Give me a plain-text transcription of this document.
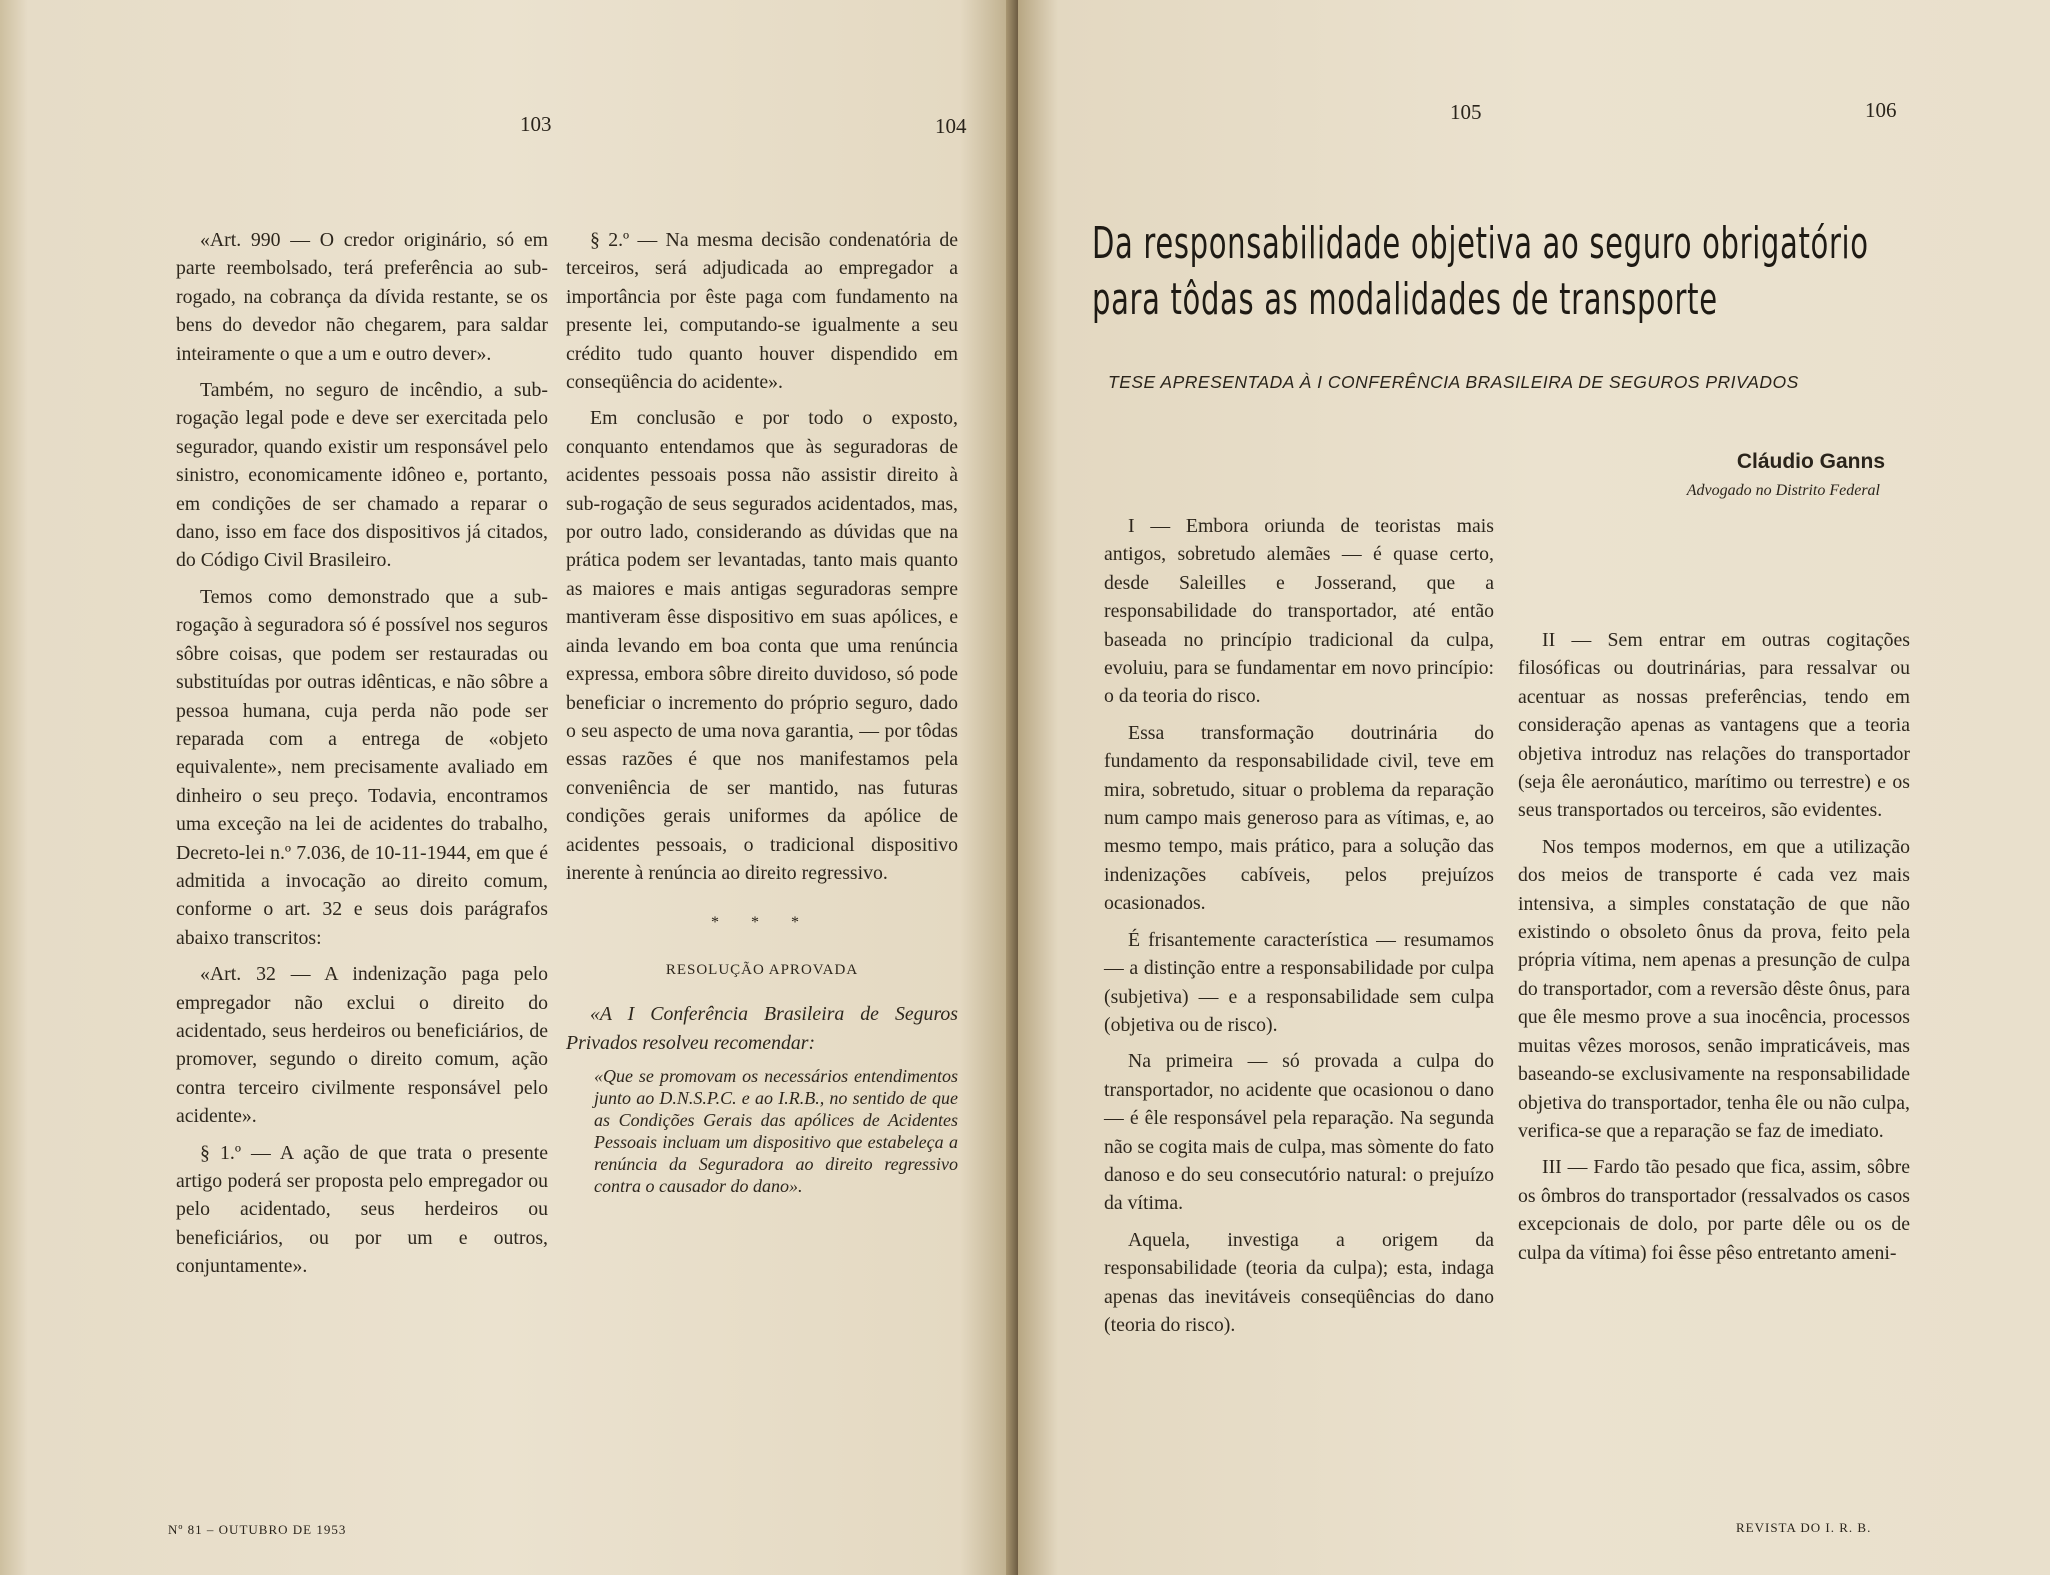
103	104

«Art. 990 — O credor originário, só em parte reembolsado, terá preferência ao sub-rogado, na cobrança da dívida restante, se os bens do devedor não chegarem, para saldar inteiramente o que a um e outro dever».

Também, no seguro de incêndio, a sub-rogação legal pode e deve ser exercitada pelo segurador, quando existir um responsável pelo sinistro, economicamente idôneo e, portanto, em condições de ser chamado a reparar o dano, isso em face dos dispositivos já citados, do Código Civil Brasileiro.

Temos como demonstrado que a sub-rogação à seguradora só é possível nos seguros sôbre coisas, que podem ser restauradas ou substituídas por outras idênticas, e não sôbre a pessoa humana, cuja perda não pode ser reparada com a entrega de «objeto equivalente», nem precisamente avaliado em dinheiro o seu preço. Todavia, encontramos uma exceção na lei de acidentes do trabalho, Decreto-lei n.º 7.036, de 10-11-1944, em que é admitida a invocação ao direito comum, conforme o art. 32 e seus dois parágrafos abaixo transcritos:

«Art. 32 — A indenização paga pelo empregador não exclui o direito do acidentado, seus herdeiros ou beneficiários, de promover, segundo o direito comum, ação contra terceiro civilmente responsável pelo acidente».

§ 1.º — A ação de que trata o presente artigo poderá ser proposta pelo empregador ou pelo acidentado, seus herdeiros ou beneficiários, ou por um e outros, conjuntamente».

§ 2.º — Na mesma decisão condenatória de terceiros, será adjudicada ao empregador a importância por êste paga com fundamento na presente lei, computando-se igualmente a seu crédito tudo quanto houver dispendido em conseqüência do acidente».

Em conclusão e por todo o exposto, conquanto entendamos que às seguradoras de acidentes pessoais possa não assistir direito à sub-rogação de seus segurados acidentados, mas, por outro lado, considerando as dúvidas que na prática podem ser levantadas, tanto mais quanto as maiores e mais antigas seguradoras sempre mantiveram êsse dispositivo em suas apólices, e ainda levando em boa conta que uma renúncia expressa, embora sôbre direito duvidoso, só pode beneficiar o incremento do próprio seguro, dado o seu aspecto de uma nova garantia, — por tôdas essas razões é que nos manifestamos pela conveniência de ser mantido, nas futuras condições gerais uniformes da apólice de acidentes pessoais, o tradicional dispositivo inerente à renúncia ao direito regressivo.

* * *
RESOLUÇÃO APROVADA

«A I Conferência Brasileira de Seguros Privados resolveu recomendar:

«Que se promovam os necessários entendimentos junto ao D.N.S.P.C. e ao I.R.B., no sentido de que as Condições Gerais das apólices de Acidentes Pessoais incluam um dispositivo que estabeleça a renúncia da Seguradora ao direito regressivo contra o causador do dano».

Nº 81 – OUTUBRO DE 1953
105	106
Da responsabilidade objetiva ao seguro obrigatório
para tôdas as modalidades de transporte
TESE APRESENTADA À I CONFERÊNCIA BRASILEIRA DE SEGUROS PRIVADOS
Cláudio Ganns
Advogado no Distrito Federal

I — Embora oriunda de teoristas mais antigos, sobretudo alemães — é quase certo, desde Saleilles e Josserand, que a responsabilidade do transportador, até então baseada no princípio tradicional da culpa, evoluiu, para se fundamentar em novo princípio: o da teoria do risco.

Essa transformação doutrinária do fundamento da responsabilidade civil, teve em mira, sobretudo, situar o problema da reparação num campo mais generoso para as vítimas, e, ao mesmo tempo, mais prático, para a solução das indenizações cabíveis, pelos prejuízos ocasionados.

É frisantemente característica — resumamos — a distinção entre a responsabilidade por culpa (subjetiva) — e a responsabilidade sem culpa (objetiva ou de risco).

Na primeira — só provada a culpa do transportador, no acidente que ocasionou o dano — é êle responsável pela reparação. Na segunda não se cogita mais de culpa, mas sòmente do fato danoso e do seu consecutório natural: o prejuízo da vítima.

Aquela, investiga a origem da responsabilidade (teoria da culpa); esta, indaga apenas das inevitáveis conseqüências do dano (teoria do risco).

II — Sem entrar em outras cogitações filosóficas ou doutrinárias, para ressalvar ou acentuar as nossas preferências, tendo em consideração apenas as vantagens que a teoria objetiva introduz nas relações do transportador (seja êle aeronáutico, marítimo ou terrestre) e os seus transportados ou terceiros, são evidentes.

Nos tempos modernos, em que a utilização dos meios de transporte é cada vez mais intensiva, a simples constatação de que não existindo o obsoleto ônus da prova, feito pela própria vítima, nem apenas a presunção de culpa do transportador, com a reversão dêste ônus, para que êle mesmo prove a sua inocência, processos muitas vêzes morosos, senão impraticáveis, mas baseando-se exclusivamente na responsabilidade objetiva do transportador, tenha êle ou não culpa, verifica-se que a reparação se faz de imediato.

III — Fardo tão pesado que fica, assim, sôbre os ômbros do transportador (ressalvados os casos excepcionais de dolo, por parte dêle ou os de culpa da vítima) foi êsse pêso entretanto ameni-

REVISTA DO I. R. B.
